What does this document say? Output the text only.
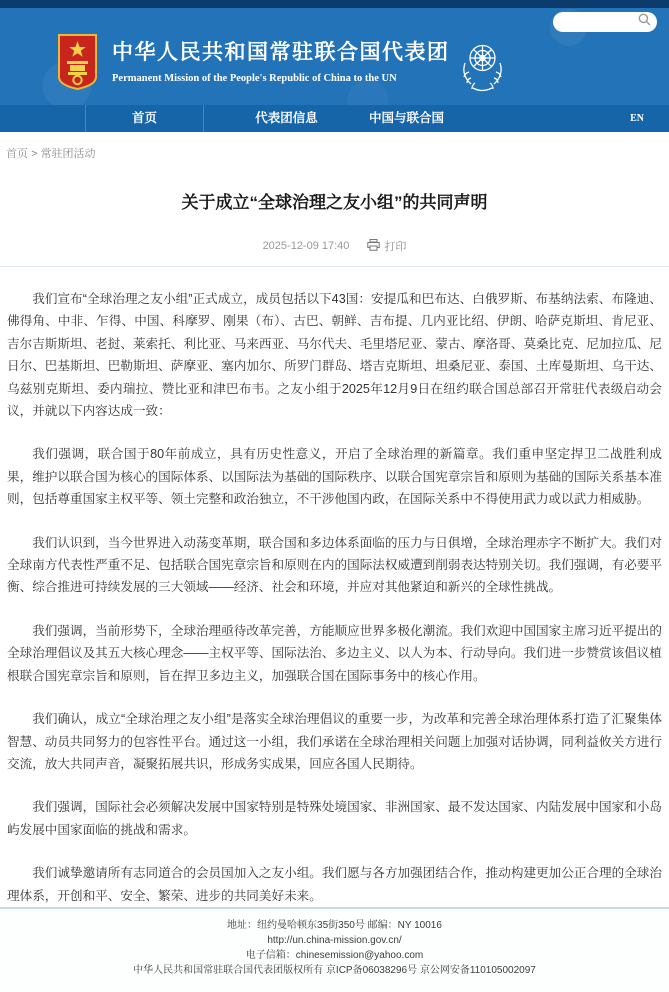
中华人民共和国常驻联合国代表团
Permanent Mission of the People's Republic of China to the UN
首页	代表团信息	中国与联合国	EN
首页 > 常驻团活动
关于成立“全球治理之友小组”的共同声明
2025-12-09 17:40	打印

我们宣布“全球治理之友小组”正式成立，成员包括以下43国：安提瓜和巴布达、白俄罗斯、布基纳法索、布隆迪、佛得角、中非、乍得、中国、科摩罗、刚果（布）、古巴、朝鲜、吉布提、几内亚比绍、伊朗、哈萨克斯坦、肯尼亚、吉尔吉斯斯坦、老挝、莱索托、利比亚、马来西亚、马尔代夫、毛里塔尼亚、蒙古、摩洛哥、莫桑比克、尼加拉瓜、尼日尔、巴基斯坦、巴勒斯坦、萨摩亚、塞内加尔、所罗门群岛、塔吉克斯坦、坦桑尼亚、泰国、土库曼斯坦、乌干达、乌兹别克斯坦、委内瑞拉、赞比亚和津巴布韦。之友小组于2025年12月9日在纽约联合国总部召开常驻代表级启动会议，并就以下内容达成一致：

我们强调，联合国于80年前成立，具有历史性意义，开启了全球治理的新篇章。我们重申坚定捍卫二战胜利成果，维护以联合国为核心的国际体系、以国际法为基础的国际秩序、以联合国宪章宗旨和原则为基础的国际关系基本准则，包括尊重国家主权平等、领土完整和政治独立，不干涉他国内政，在国际关系中不得使用武力或以武力相威胁。

我们认识到，当今世界进入动荡变革期，联合国和多边体系面临的压力与日俱增，全球治理赤字不断扩大。我们对全球南方代表性严重不足、包括联合国宪章宗旨和原则在内的国际法权威遭到削弱表达特别关切。我们强调，有必要平衡、综合推进可持续发展的三大领域——经济、社会和环境，并应对其他紧迫和新兴的全球性挑战。

我们强调，当前形势下，全球治理亟待改革完善，方能顺应世界多极化潮流。我们欢迎中国国家主席习近平提出的全球治理倡议及其五大核心理念——主权平等、国际法治、多边主义、以人为本、行动导向。我们进一步赞赏该倡议植根联合国宪章宗旨和原则，旨在捍卫多边主义，加强联合国在国际事务中的核心作用。

我们确认，成立“全球治理之友小组”是落实全球治理倡议的重要一步，为改革和完善全球治理体系打造了汇聚集体智慧、动员共同努力的包容性平台。通过这一小组，我们承诺在全球治理相关问题上加强对话协调，同利益攸关方进行交流，放大共同声音，凝聚拓展共识，形成务实成果，回应各国人民期待。

我们强调，国际社会必须解决发展中国家特别是特殊处境国家、非洲国家、最不发达国家、内陆发展中国家和小岛屿发展中国家面临的挑战和需求。

我们诚挚邀请所有志同道合的会员国加入之友小组。我们愿与各方加强团结合作，推动构建更加公正合理的全球治理体系，开创和平、安全、繁荣、进步的共同美好未来。

地址：纽约曼哈顿东35街350号 邮编：NY 10016
http://un.china-mission.gov.cn/
电子信箱：chinesemission@yahoo.com
中华人民共和国常驻联合国代表团版权所有 京ICP备06038296号 京公网安备110105002097
